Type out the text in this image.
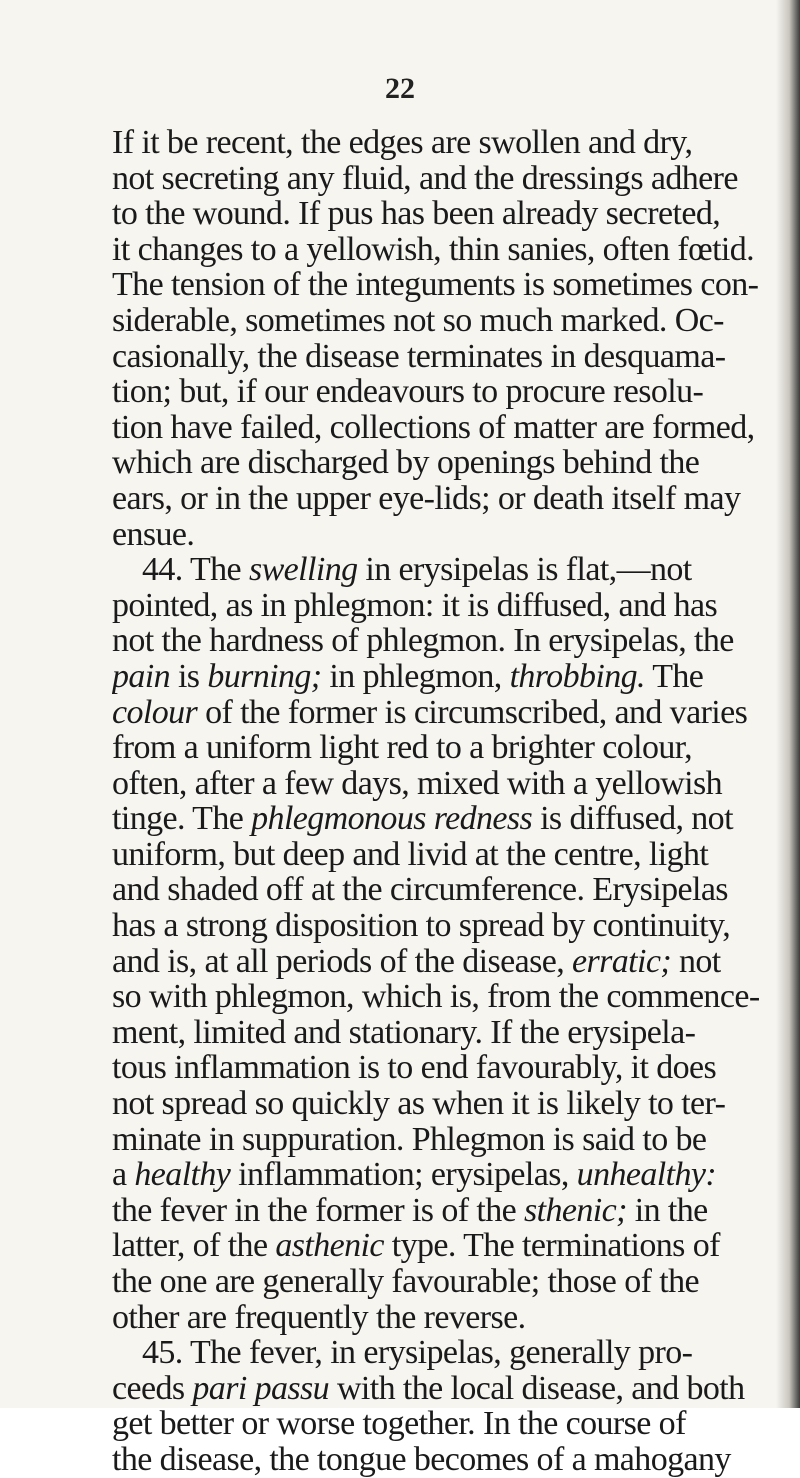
22
If it be recent, the edges are swollen and dry,
not secreting any fluid, and the dressings adhere
to the wound. If pus has been already secreted,
it changes to a yellowish, thin sanies, often fœtid.
The tension of the integuments is sometimes con-
siderable, sometimes not so much marked. Oc-
casionally, the disease terminates in desquama-
tion; but, if our endeavours to procure resolu-
tion have failed, collections of matter are formed,
which are discharged by openings behind the
ears, or in the upper eye-lids; or death itself may
ensue.
44. The swelling in erysipelas is flat,—not
pointed, as in phlegmon: it is diffused, and has
not the hardness of phlegmon. In erysipelas, the
pain is burning; in phlegmon, throbbing. The
colour of the former is circumscribed, and varies
from a uniform light red to a brighter colour,
often, after a few days, mixed with a yellowish
tinge. The phlegmonous redness is diffused, not
uniform, but deep and livid at the centre, light
and shaded off at the circumference. Erysipelas
has a strong disposition to spread by continuity,
and is, at all periods of the disease, erratic; not
so with phlegmon, which is, from the commence-
ment, limited and stationary. If the erysipela-
tous inflammation is to end favourably, it does
not spread so quickly as when it is likely to ter-
minate in suppuration. Phlegmon is said to be
a healthy inflammation; erysipelas, unhealthy:
the fever in the former is of the sthenic; in the
latter, of the asthenic type. The terminations of
the one are generally favourable; those of the
other are frequently the reverse.
45. The fever, in erysipelas, generally pro-
ceeds pari passu with the local disease, and both
get better or worse together. In the course of
the disease, the tongue becomes of a mahogany
